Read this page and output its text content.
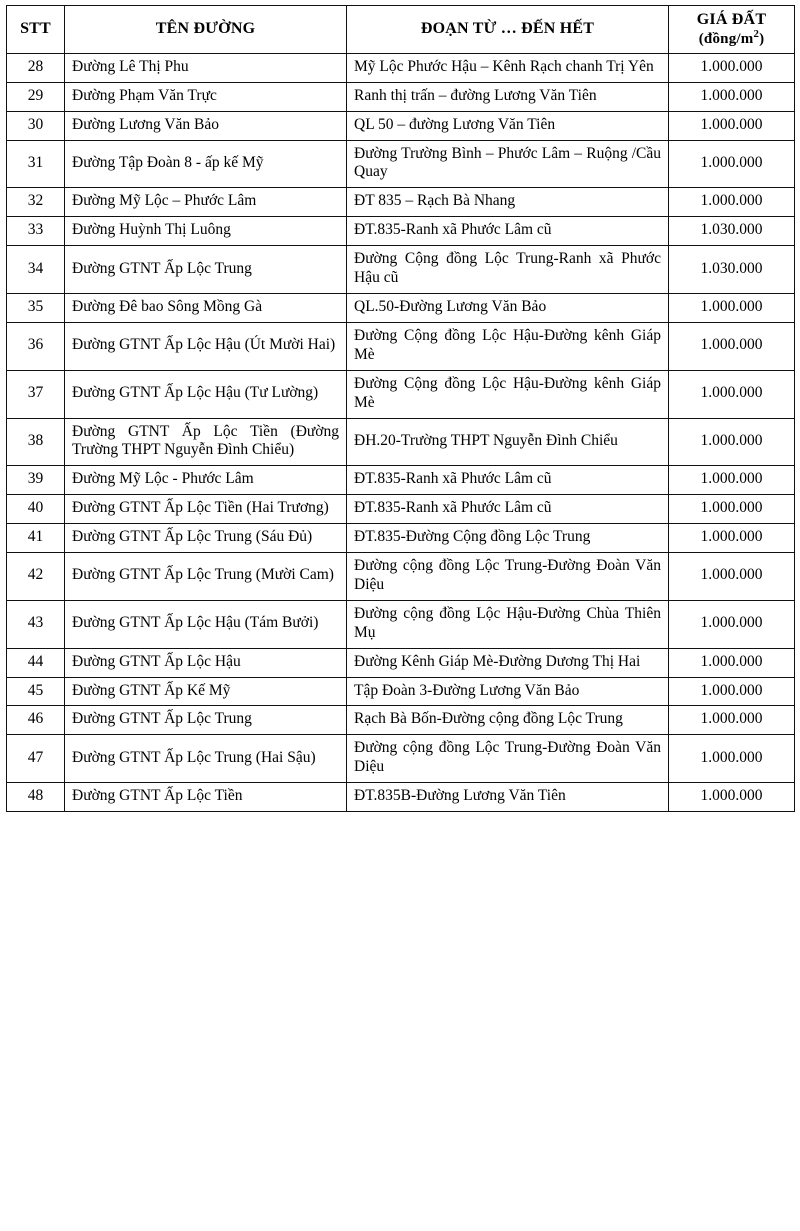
STT	TÊN ĐƯỜNG	ĐOẠN TỪ … ĐẾN HẾT	GIÁ ĐẤT
$(đồng/m^2)$

28	Đường Lê Thị Phu	Mỹ Lộc Phước Hậu – Kênh Rạch chanh Trị Yên	1.000.000
29	Đường Phạm Văn Trực	Ranh thị trấn – đường Lương Văn Tiên	1.000.000
30	Đường Lương Văn Bảo	QL 50 – đường Lương Văn Tiên	1.000.000
31	Đường Tập Đoàn 8 - ấp kế Mỹ	Đường Trường Bình – Phước Lâm – Ruộng /Cầu Quay	1.000.000
32	Đường Mỹ Lộc – Phước Lâm	ĐT 835 – Rạch Bà Nhang	1.000.000
33	Đường Huỳnh Thị Luông	ĐT.835-Ranh xã Phước Lâm cũ	1.030.000
34	Đường GTNT Ấp Lộc Trung	Đường Cộng đồng Lộc Trung-Ranh xã Phước Hậu cũ	1.030.000
35	Đường Đê bao Sông Mồng Gà	QL.50-Đường Lương Văn Bảo	1.000.000
36	Đường GTNT Ấp Lộc Hậu (Út Mười Hai)	Đường Cộng đồng Lộc Hậu-Đường kênh Giáp Mè	1.000.000
37	Đường GTNT Ấp Lộc Hậu (Tư Lường)	Đường Cộng đồng Lộc Hậu-Đường kênh Giáp Mè	1.000.000
38	Đường GTNT Ấp Lộc Tiền (Đường Trường THPT Nguyễn Đình Chiểu)	ĐH.20-Trường THPT Nguyễn Đình Chiểu	1.000.000
39	Đường Mỹ Lộc - Phước Lâm	ĐT.835-Ranh xã Phước Lâm cũ	1.000.000
40	Đường GTNT Ấp Lộc Tiền (Hai Trương)	ĐT.835-Ranh xã Phước Lâm cũ	1.000.000
41	Đường GTNT Ấp Lộc Trung (Sáu Đủ)	ĐT.835-Đường Cộng đồng Lộc Trung	1.000.000
42	Đường GTNT Ấp Lộc Trung (Mười Cam)	Đường cộng đồng Lộc Trung-Đường Đoàn Văn Diệu	1.000.000
43	Đường GTNT Ấp Lộc Hậu (Tám Bưởi)	Đường cộng đồng Lộc Hậu-Đường Chùa Thiên Mụ	1.000.000
44	Đường GTNT Ấp Lộc Hậu	Đường Kênh Giáp Mè-Đường Dương Thị Hai	1.000.000
45	Đường GTNT Ấp Kế Mỹ	Tập Đoàn 3-Đường Lương Văn Bảo	1.000.000
46	Đường GTNT Ấp Lộc Trung	Rạch Bà Bốn-Đường cộng đồng Lộc Trung	1.000.000
47	Đường GTNT Ấp Lộc Trung (Hai Sậu)	Đường cộng đồng Lộc Trung-Đường Đoàn Văn Diệu	1.000.000
48	Đường GTNT Ấp Lộc Tiền	ĐT.835B-Đường Lương Văn Tiên	1.000.000
